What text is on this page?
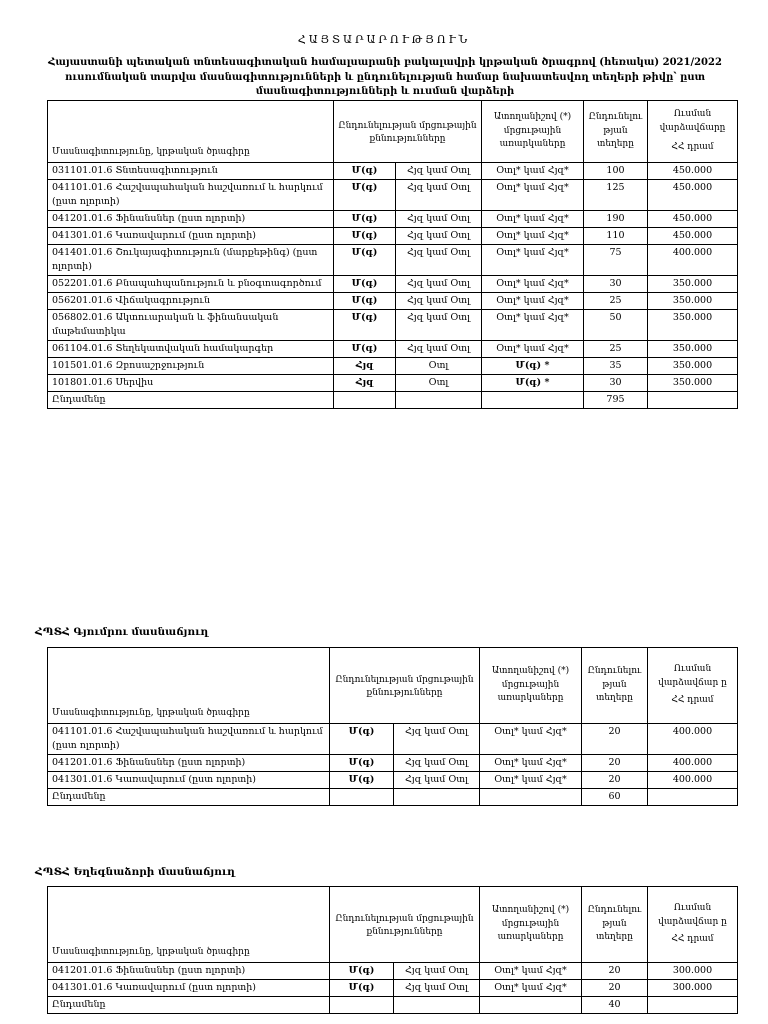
ՀԱՅՏԱՐԱՐՈՒԹՅՈՒՆ
Հայաստանի պետական տնտեսագիտական համալսարանի բակալավրի կրթական ծրագրով (հեռակա) 2021/2022 ուսումնական տարվա մասնագիտությունների և ընդունելության համար նախատեսվող տեղերի թիվը՝ ըստ մասնագիտությունների և ուսման վարձերի
Մասնագիտությունը, կրթական ծրագիրը	Ընդունելության մրցութային քննությունները		Ատողանիշով (*) մրցութային առարկաները	Ընդունելու թյան տեղերը	Ուսման վարձավճարը
ՀՀ դրամ

031101.01.6 Տնտեսագիտություն	Մ(գ)	Հյզ կամ Օտլ	Օտլ* կամ Հյզ*	100	450.000
041101.01.6 Հաշվապահական հաշվառում և հարկում (ըստ ոլորտի)	Մ(գ)	Հյզ կամ Օտլ	Օտլ* կամ Հյզ*	125	450.000
041201.01.6 Ֆինանսներ (ըստ ոլորտի)	Մ(գ)	Հյզ կամ Օտլ	Օտլ* կամ Հյզ*	190	450.000
041301.01.6 Կառավարում (ըստ ոլորտի)	Մ(գ)	Հյզ կամ Օտլ	Օտլ* կամ Հյզ*	110	450.000
041401.01.6 Շուկայագիտություն (մարքեթինգ) (ըստ ոլորտի)	Մ(գ)	Հյզ կամ Օտլ	Օտլ* կամ Հյզ*	75	400.000
052201.01.6 Բնապահպանություն և բնօգտագործում	Մ(գ)	Հյզ կամ Օտլ	Օտլ* կամ Հյզ*	30	350.000
056201.01.6 Վիճակագրություն	Մ(գ)	Հյզ կամ Օտլ	Օտլ* կամ Հյզ*	25	350.000
056802.01.6 Ակտուարական և ֆինանսական մաթեմատիկա	Մ(գ)	Հյզ կամ Օտլ	Օտլ* կամ Հյզ*	50	350.000
061104.01.6 Տեղեկատվական համակարգեր	Մ(գ)	Հյզ կամ Օտլ	Օտլ* կամ Հյզ*	25	350.000
101501.01.6 Զբոսաշրջություն	Հյզ	Օտլ	Մ(գ) *	35	350.000
101801.01.6 Սերվիս	Հյզ	Օտլ	Մ(գ) *	30	350.000
Ընդամենը				795	
ՀՊՏՀ Գյումրու մասնաճյուղ
Մասնագիտությունը, կրթական ծրագիրը	Ընդունելության մրցութային քննությունները		Ատողանիշով (*) մրցութային առարկաները	Ընդունելու թյան տեղերը	Ուսման վարձավճար ը
ՀՀ դրամ

041101.01.6 Հաշվապահական հաշվառում և հարկում (ըստ ոլորտի)	Մ(գ)	Հյզ կամ Օտլ	Օտլ* կամ Հյզ*	20	400.000
041201.01.6 Ֆինանսներ (ըստ ոլորտի)	Մ(գ)	Հյզ կամ Օտլ	Օտլ* կամ Հյզ*	20	400.000
041301.01.6 Կառավարում (ըստ ոլորտի)	Մ(գ)	Հյզ կամ Օտլ	Օտլ* կամ Հյզ*	20	400.000
Ընդամենը				60	
ՀՊՏՀ Եղեգնաձորի մասնաճյուղ
Մասնագիտությունը, կրթական ծրագիրը	Ընդունելության մրցութային քննությունները		Ատողանիշով (*) մրցութային առարկաները	Ընդունելու թյան տեղերը	Ուսման վարձավճար ը
ՀՀ դրամ

041201.01.6 Ֆինանսներ (ըստ ոլորտի)	Մ(գ)	Հյզ կամ Օտլ	Օտլ* կամ Հյզ*	20	300.000
041301.01.6 Կառավարում (ըստ ոլորտի)	Մ(գ)	Հյզ կամ Օտլ	Օտլ* կամ Հյզ*	20	300.000
Ընդամենը				40	
